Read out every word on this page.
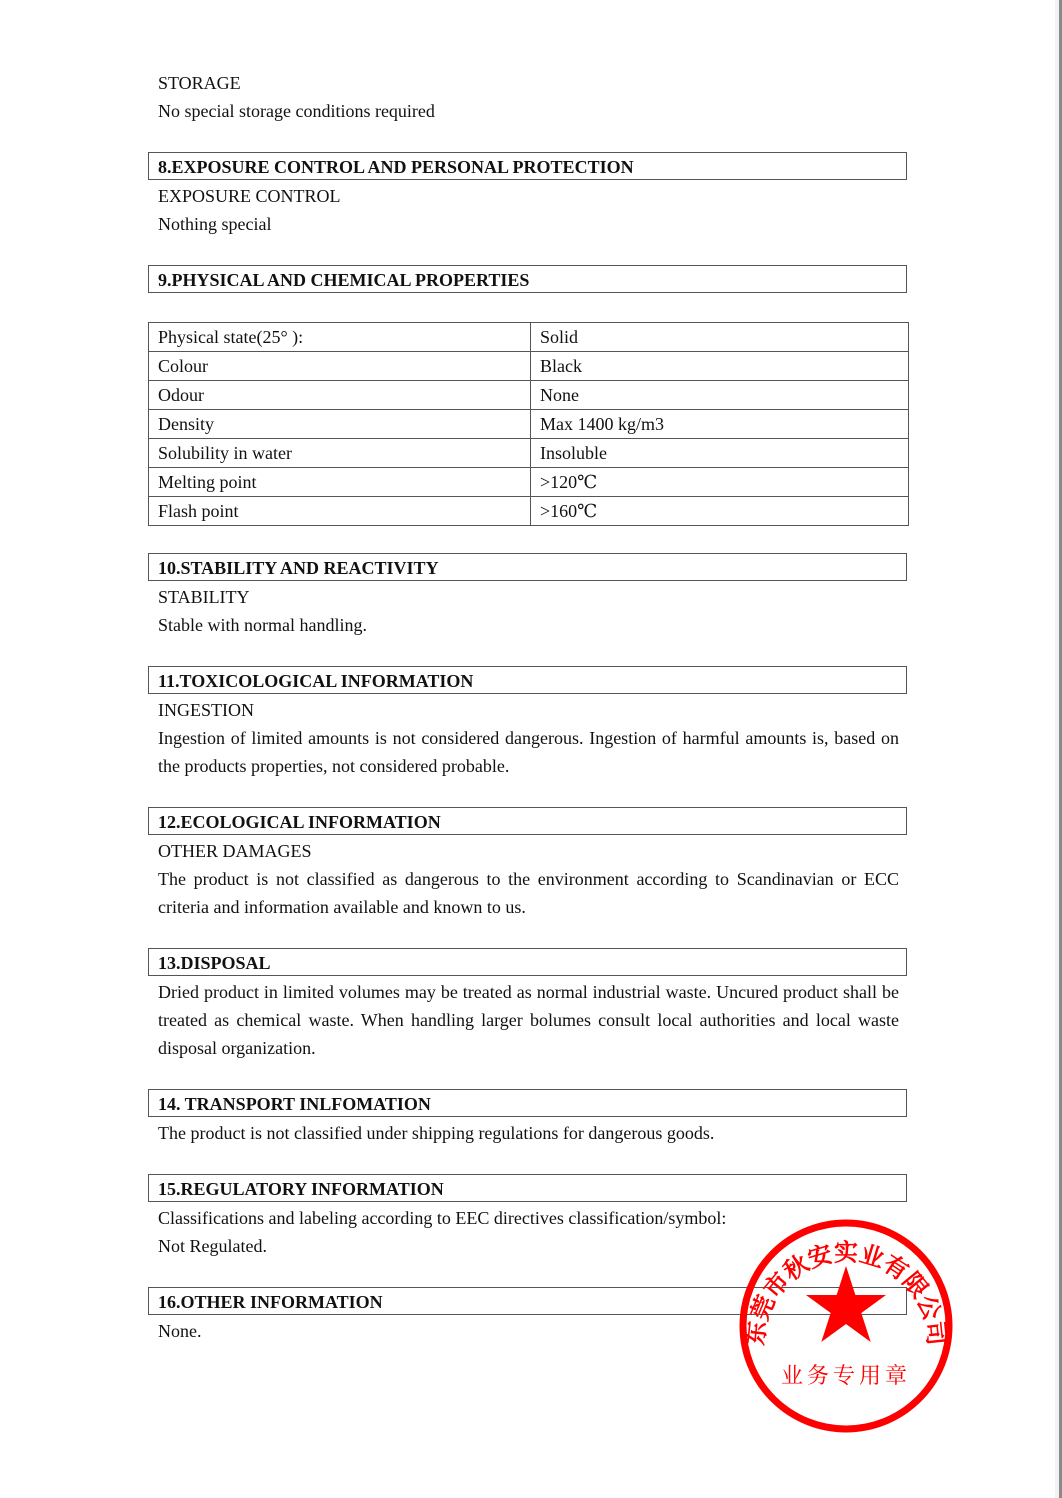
STORAGE
No special storage conditions required
8.EXPOSURE CONTROL AND PERSONAL PROTECTION
EXPOSURE CONTROL
Nothing special
9.PHYSICAL AND CHEMICAL PROPERTIES
Physical state(25° ):	Solid
Colour	Black
Odour	None
Density	Max 1400 kg/m3
Solubility in water	Insoluble
Melting point	>120℃
Flash point	>160℃
10.STABILITY AND REACTIVITY
STABILITY
Stable with normal handling.
11.TOXICOLOGICAL INFORMATION
INGESTION
Ingestion of limited amounts is not considered dangerous. Ingestion of harmful amounts is, based on the products properties, not considered probable.
12.ECOLOGICAL INFORMATION
OTHER DAMAGES
The product is not classified as dangerous to the environment according to Scandinavian or ECC criteria and information available and known to us.
13.DISPOSAL
Dried product in limited volumes may be treated as normal industrial waste. Uncured product shall be treated as chemical waste. When handling larger bolumes consult local authorities and local waste disposal organization.
14. TRANSPORT INLFOMATION
The product is not classified under shipping regulations for dangerous goods.
15.REGULATORY INFORMATION
Classifications and labeling according to EEC directives classification/symbol:
Not Regulated.
16.OTHER INFORMATION
None.	东莞市秋安实业有限公司
业务专用章
